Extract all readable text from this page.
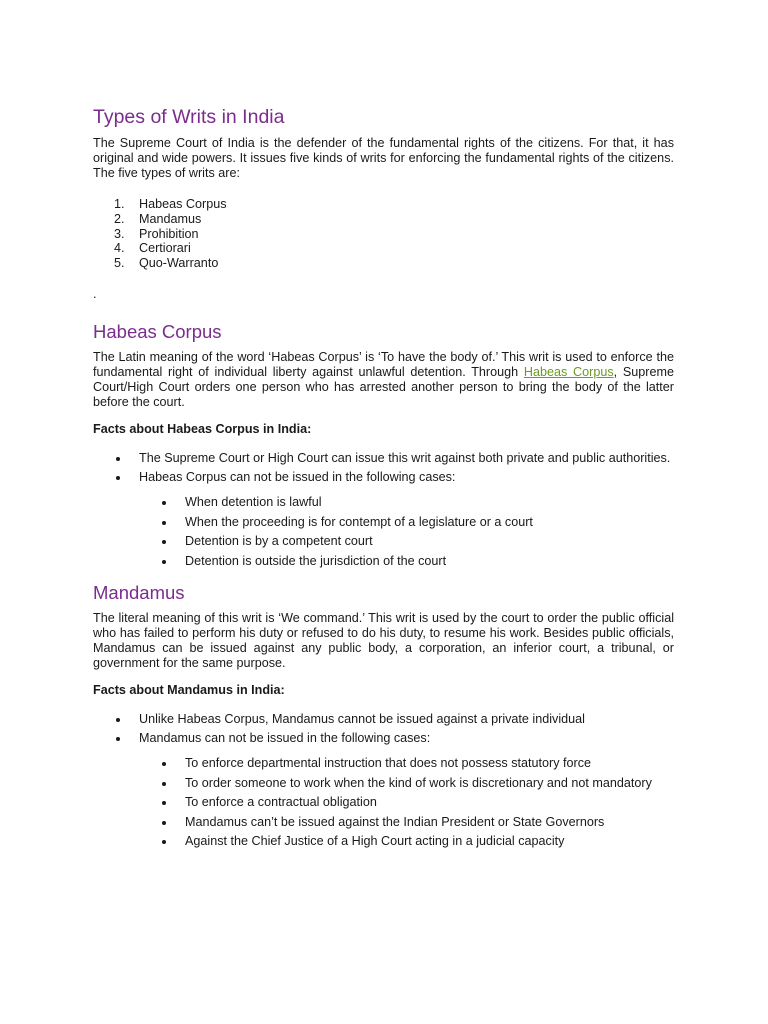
Types of Writs in India

The Supreme Court of India is the defender of the fundamental rights of the citizens. For that, it has original and wide powers. It issues five kinds of writs for enforcing the fundamental rights of the citizens. The five types of writs are:

1. Habeas Corpus
2. Mandamus
3. Prohibition
4. Certiorari
5. Quo-Warranto
.
Habeas Corpus

The Latin meaning of the word ‘Habeas Corpus’ is ‘To have the body of.’ This writ is used to enforce the fundamental right of individual liberty against unlawful detention. Through Habeas Corpus, Supreme Court/High Court orders one person who has arrested another person to bring the body of the latter before the court.

Facts about Habeas Corpus in India:
The Supreme Court or High Court can issue this writ against both private and public authorities.
Habeas Corpus can not be issued in the following cases:
When detention is lawful
When the proceeding is for contempt of a legislature or a court
Detention is by a competent court
Detention is outside the jurisdiction of the court
Mandamus

The literal meaning of this writ is ‘We command.’ This writ is used by the court to order the public official who has failed to perform his duty or refused to do his duty, to resume his work. Besides public officials, Mandamus can be issued against any public body, a corporation, an inferior court, a tribunal, or government for the same purpose.

Facts about Mandamus in India:
Unlike Habeas Corpus, Mandamus cannot be issued against a private individual
Mandamus can not be issued in the following cases:
To enforce departmental instruction that does not possess statutory force
To order someone to work when the kind of work is discretionary and not mandatory
To enforce a contractual obligation
Mandamus can’t be issued against the Indian President or State Governors
Against the Chief Justice of a High Court acting in a judicial capacity
